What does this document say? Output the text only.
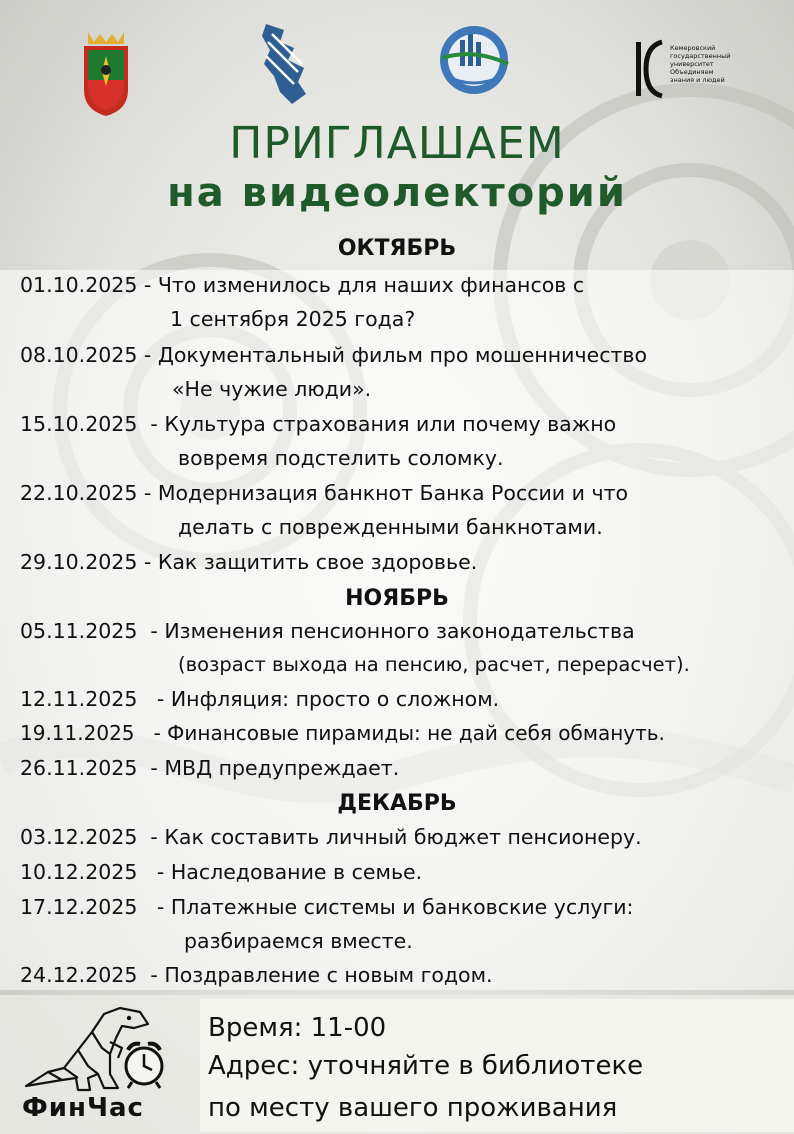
Кемеровский
государственный
университет
Объединяем
знания и людей
ПРИГЛАШАЕМ
на видеолекторий
ОКТЯБРЬ
01.10.2025 - Что изменилось для наших финансов с
1 сентября 2025 года?
08.10.2025 - Документальный фильм про мошенничество
«Не чужие люди».
15.10.2025  - Культура страхования или почему важно
вовремя подстелить соломку.
22.10.2025 - Модернизация банкнот Банка России и что
делать с поврежденными банкнотами.
29.10.2025 - Как защитить свое здоровье.
НОЯБРЬ
05.11.2025  - Изменения пенсионного законодательства
(возраст выхода на пенсию, расчет, перерасчет).
12.11.2025   - Инфляция: просто о сложном.
19.11.2025   - Финансовые пирамиды: не дай себя обмануть.
26.11.2025  - МВД предупреждает.
ДЕКАБРЬ
03.12.2025  - Как составить личный бюджет пенсионеру.
10.12.2025   - Наследование в семье.
17.12.2025   - Платежные системы и банковские услуги:
разбираемся вместе.
24.12.2025  - Поздравление с новым годом.
Время: 11-00
Адрес: уточняйте в библиотеке
по месту вашего проживания
ФинЧас
